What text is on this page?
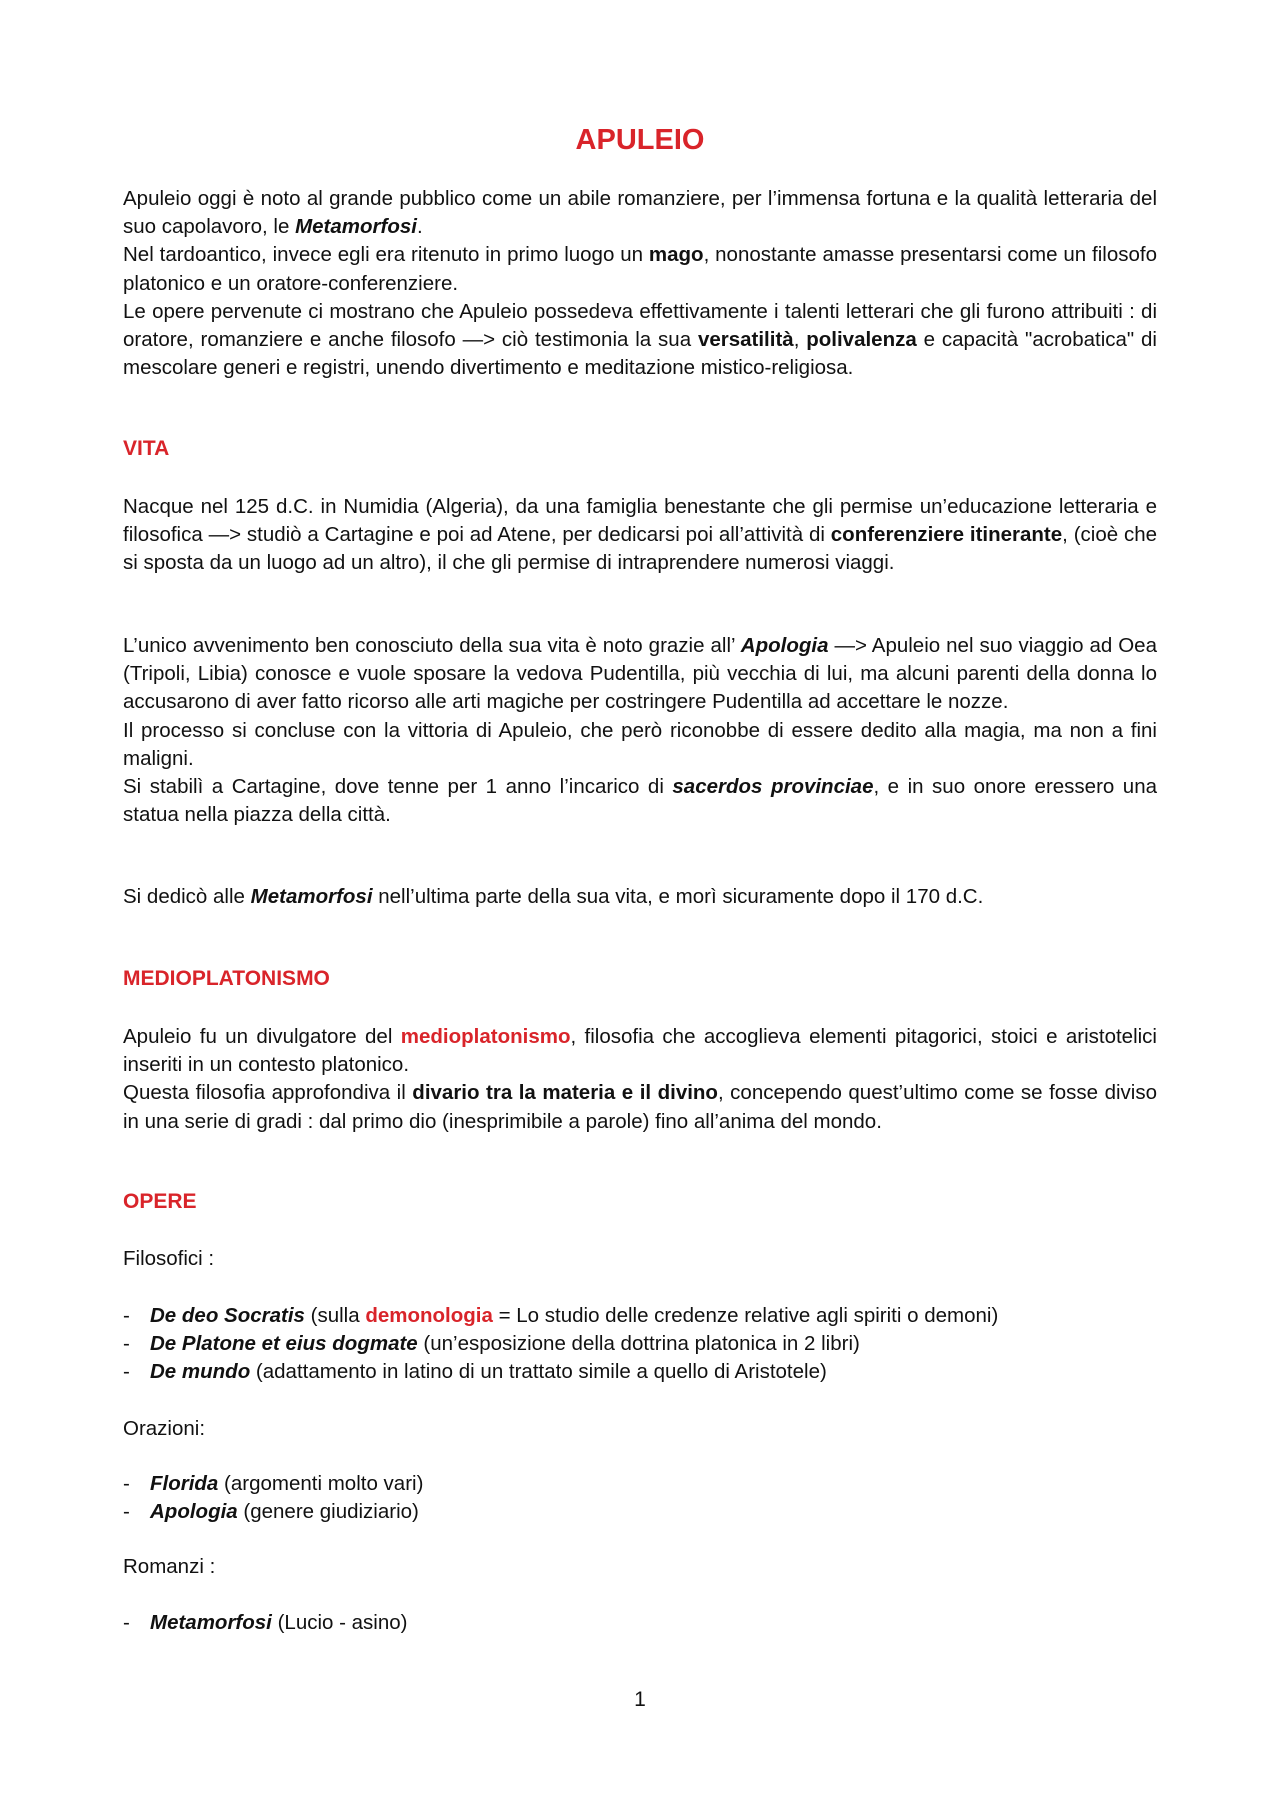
APULEIO

Apuleio oggi è noto al grande pubblico come un abile romanziere, per l’immensa fortuna e la qualità letteraria del suo capolavoro, le Metamorfosi.

Nel tardoantico, invece egli era ritenuto in primo luogo un mago, nonostante amasse presentarsi come un filosofo platonico e un oratore-conferenziere.

Le opere pervenute ci mostrano che Apuleio possedeva effettivamente i talenti letterari che gli furono attribuiti : di oratore, romanziere e anche filosofo —> ciò testimonia la sua versatilità, polivalenza e capacità "acrobatica" di mescolare generi e registri, unendo divertimento e meditazione mistico-religiosa.

VITA

Nacque nel 125 d.C. in Numidia (Algeria), da una famiglia benestante che gli permise un’educazione letteraria e filosofica —> studiò a Cartagine e poi ad Atene, per dedicarsi poi all’attività di conferenziere itinerante, (cioè che si sposta da un luogo ad un altro), il che gli permise di intraprendere numerosi viaggi.

L’unico avvenimento ben conosciuto della sua vita è noto grazie all’ Apologia —> Apuleio nel suo viaggio ad Oea (Tripoli, Libia) conosce e vuole sposare la vedova Pudentilla, più vecchia di lui, ma alcuni parenti della donna lo accusarono di aver fatto ricorso alle arti magiche per costringere Pudentilla ad accettare le nozze.

Il processo si concluse con la vittoria di Apuleio, che però riconobbe di essere dedito alla magia, ma non a fini maligni.

Si stabilì a Cartagine, dove tenne per 1 anno l’incarico di sacerdos provinciae, e in suo onore eressero una statua nella piazza della città.

Si dedicò alle Metamorfosi nell’ultima parte della sua vita, e morì sicuramente dopo il 170 d.C.

MEDIOPLATONISMO

Apuleio fu un divulgatore del medioplatonismo, filosofia che accoglieva elementi pitagorici, stoici e aristotelici inseriti in un contesto platonico.

Questa filosofia approfondiva il divario tra la materia e il divino, concependo quest’ultimo come se fosse diviso in una serie di gradi : dal primo dio (inesprimibile a parole) fino all’anima del mondo.

OPERE
Filosofici :

- De deo Socratis (sulla demonologia = Lo studio delle credenze relative agli spiriti o demoni)

- De Platone et eius dogmate (un’esposizione della dottrina platonica in 2 libri)

- De mundo (adattamento in latino di un trattato simile a quello di Aristotele)

Orazioni:

- Florida (argomenti molto vari)

- Apologia (genere giudiziario)

Romanzi :

- Metamorfosi (Lucio - asino)

1
